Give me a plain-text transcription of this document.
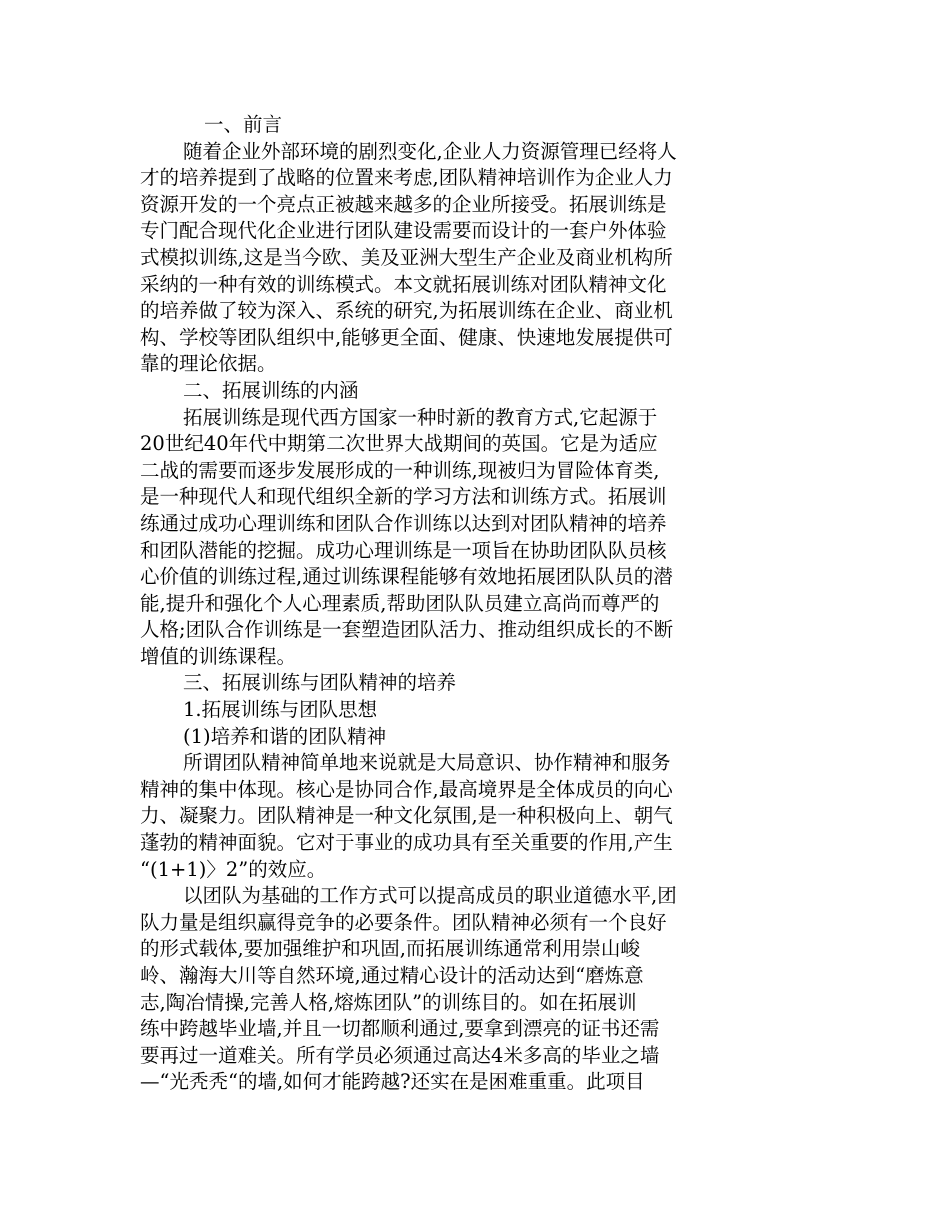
一、前言
随着企业外部环境的剧烈变化,企业人力资源管理已经将人
才的培养提到了战略的位置来考虑,团队精神培训作为企业人力
资源开发的一个亮点正被越来越多的企业所接受。拓展训练是
专门配合现代化企业进行团队建设需要而设计的一套户外体验
式模拟训练,这是当今欧、美及亚洲大型生产企业及商业机构所
采纳的一种有效的训练模式。本文就拓展训练对团队精神文化
的培养做了较为深入、系统的研究,为拓展训练在企业、商业机
构、学校等团队组织中,能够更全面、健康、快速地发展提供可
靠的理论依据。
二、拓展训练的内涵
拓展训练是现代西方国家一种时新的教育方式,它起源于
20世纪40年代中期第二次世界大战期间的英国。它是为适应
二战的需要而逐步发展形成的一种训练,现被归为冒险体育类,
是一种现代人和现代组织全新的学习方法和训练方式。拓展训
练通过成功心理训练和团队合作训练以达到对团队精神的培养
和团队潜能的挖掘。成功心理训练是一项旨在协助团队队员核
心价值的训练过程,通过训练课程能够有效地拓展团队队员的潜
能,提升和强化个人心理素质,帮助团队队员建立高尚而尊严的
人格;团队合作训练是一套塑造团队活力、推动组织成长的不断
增值的训练课程。
三、拓展训练与团队精神的培养
1.拓展训练与团队思想
(1)培养和谐的团队精神
所谓团队精神简单地来说就是大局意识、协作精神和服务
精神的集中体现。核心是协同合作,最高境界是全体成员的向心
力、凝聚力。团队精神是一种文化氛围,是一种积极向上、朝气
蓬勃的精神面貌。它对于事业的成功具有至关重要的作用,产生
“(1+1)〉2”的效应。
以团队为基础的工作方式可以提高成员的职业道德水平,团
队力量是组织赢得竞争的必要条件。团队精神必须有一个良好
的形式载体,要加强维护和巩固,而拓展训练通常利用崇山峻
岭、瀚海大川等自然环境,通过精心设计的活动达到“磨炼意
志,陶冶情操,完善人格,熔炼团队”的训练目的。如在拓展训
练中跨越毕业墙,并且一切都顺利通过,要拿到漂亮的证书还需
要再过一道难关。所有学员必须通过高达4米多高的毕业之墙
—“光秃秃“的墙,如何才能跨越?还实在是困难重重。此项目
